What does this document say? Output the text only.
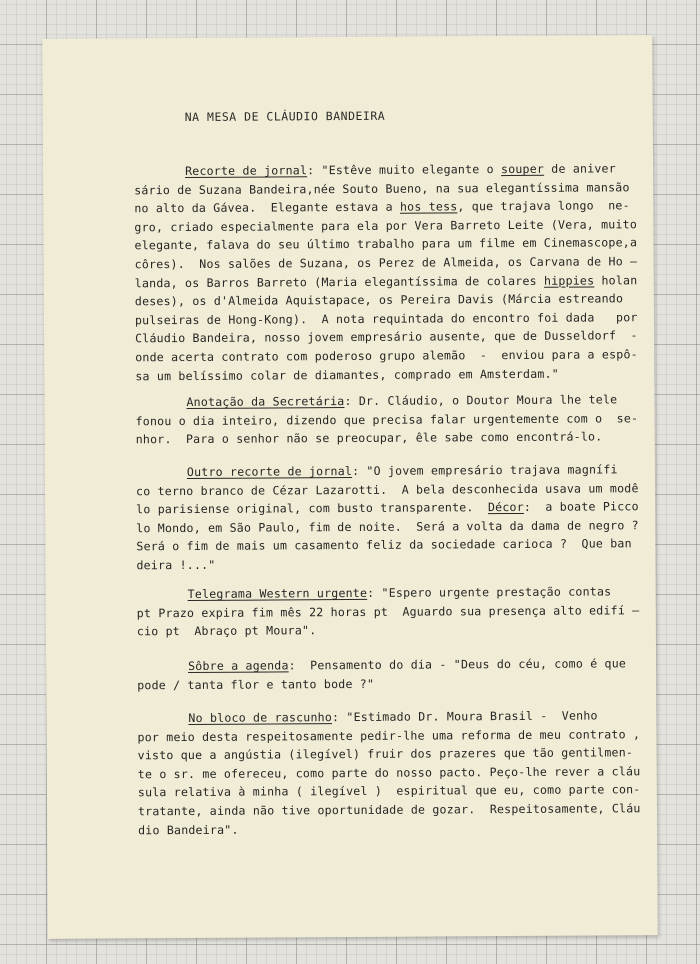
NA MESA DE CLÁUDIO BANDEIRA
Recorte de jornal: "Estêve muito elegante o souper de aniver
sário de Suzana Bandeira,née Souto Bueno, na sua elegantíssima mansão
no alto da Gávea.  Elegante estava a hos tess, que trajava longo  ne-
gro, criado especialmente para ela por Vera Barreto Leite (Vera, muito
elegante, falava do seu último trabalho para um filme em Cinemascope,a
côres).  Nos salões de Suzana, os Perez de Almeida, os Carvana de Ho —
landa, os Barros Barreto (Maria elegantíssima de colares hippies holan
deses), os d'Almeida Aquistapace, os Pereira Davis (Márcia estreando
pulseiras de Hong-Kong).  A nota requintada do encontro foi dada   por
Cláudio Bandeira, nosso jovem empresário ausente, que de Dusseldorf  -
onde acerta contrato com poderoso grupo alemão  -  enviou para a espô-
sa um belíssimo colar de diamantes, comprado em Amsterdam."
Anotação da Secretária: Dr. Cláudio, o Doutor Moura lhe tele
fonou o dia inteiro, dizendo que precisa falar urgentemente com o  se-
nhor.  Para o senhor não se preocupar, êle sabe como encontrá-lo.
Outro recorte de jornal: "O jovem empresário trajava magnífi
co terno branco de Cézar Lazarotti.  A bela desconhecida usava um modê
lo parisiense original, com busto transparente.  Décor:  a boate Picco
lo Mondo, em São Paulo, fim de noite.  Será a volta da dama de negro ?
Será o fim de mais um casamento feliz da sociedade carioca ?  Que ban
deira !..."
Telegrama Western urgente: "Espero urgente prestação contas
pt Prazo expira fim mês 22 horas pt  Aguardo sua presença alto edifí —
cio pt  Abraço pt Moura".
Sôbre a agenda:  Pensamento do dia - "Deus do céu, como é que
pode / tanta flor e tanto bode ?"
No bloco de rascunho: "Estimado Dr. Moura Brasil -  Venho
por meio desta respeitosamente pedir-lhe uma reforma de meu contrato ,
visto que a angústia (ilegível) fruir dos prazeres que tão gentilmen-
te o sr. me ofereceu, como parte do nosso pacto. Peço-lhe rever a cláu
sula relativa à minha ( ilegível )  espiritual que eu, como parte con-
tratante, ainda não tive oportunidade de gozar.  Respeitosamente, Cláu
dio Bandeira".
